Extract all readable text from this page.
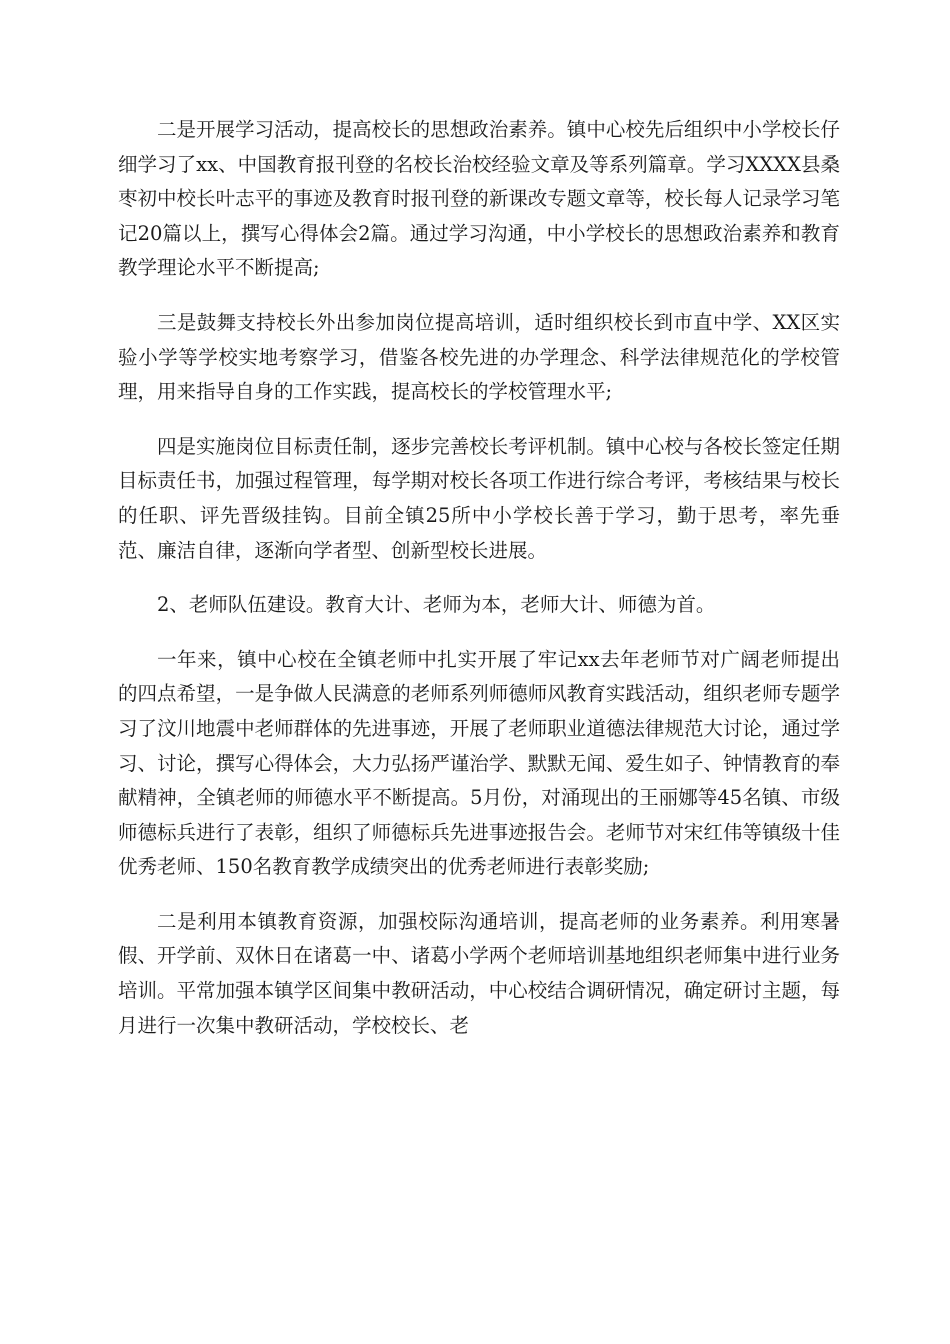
二是开展学习活动，提高校长的思想政治素养。镇中心校先后组织中小学校长仔细学习了xx、中国教育报刊登的名校长治校经验文章及等系列篇章。学习XXXX县桑枣初中校长叶志平的事迹及教育时报刊登的新课改专题文章等，校长每人记录学习笔记20篇以上，撰写心得体会2篇。通过学习沟通，中小学校长的思想政治素养和教育教学理论水平不断提高;

三是鼓舞支持校长外出参加岗位提高培训，适时组织校长到市直中学、XX区实验小学等学校实地考察学习，借鉴各校先进的办学理念、科学法律规范化的学校管理，用来指导自身的工作实践，提高校长的学校管理水平;

四是实施岗位目标责任制，逐步完善校长考评机制。镇中心校与各校长签定任期目标责任书，加强过程管理，每学期对校长各项工作进行综合考评，考核结果与校长的任职、评先晋级挂钩。目前全镇25所中小学校长善于学习，勤于思考，率先垂范、廉洁自律，逐渐向学者型、创新型校长进展。

2、老师队伍建设。教育大计、老师为本，老师大计、师德为首。

一年来，镇中心校在全镇老师中扎实开展了牢记xx去年老师节对广阔老师提出的四点希望，一是争做人民满意的老师系列师德师风教育实践活动，组织老师专题学习了汶川地震中老师群体的先进事迹，开展了老师职业道德法律规范大讨论，通过学习、讨论，撰写心得体会，大力弘扬严谨治学、默默无闻、爱生如子、钟情教育的奉献精神，全镇老师的师德水平不断提高。5月份，对涌现出的王丽娜等45名镇、市级师德标兵进行了表彰，组织了师德标兵先进事迹报告会。老师节对宋红伟等镇级十佳优秀老师、150名教育教学成绩突出的优秀老师进行表彰奖励;

二是利用本镇教育资源，加强校际沟通培训，提高老师的业务素养。利用寒暑假、开学前、双休日在诸葛一中、诸葛小学两个老师培训基地组织老师集中进行业务培训。平常加强本镇学区间集中教研活动，中心校结合调研情况，确定研讨主题，每月进行一次集中教研活动，学校校长、老
